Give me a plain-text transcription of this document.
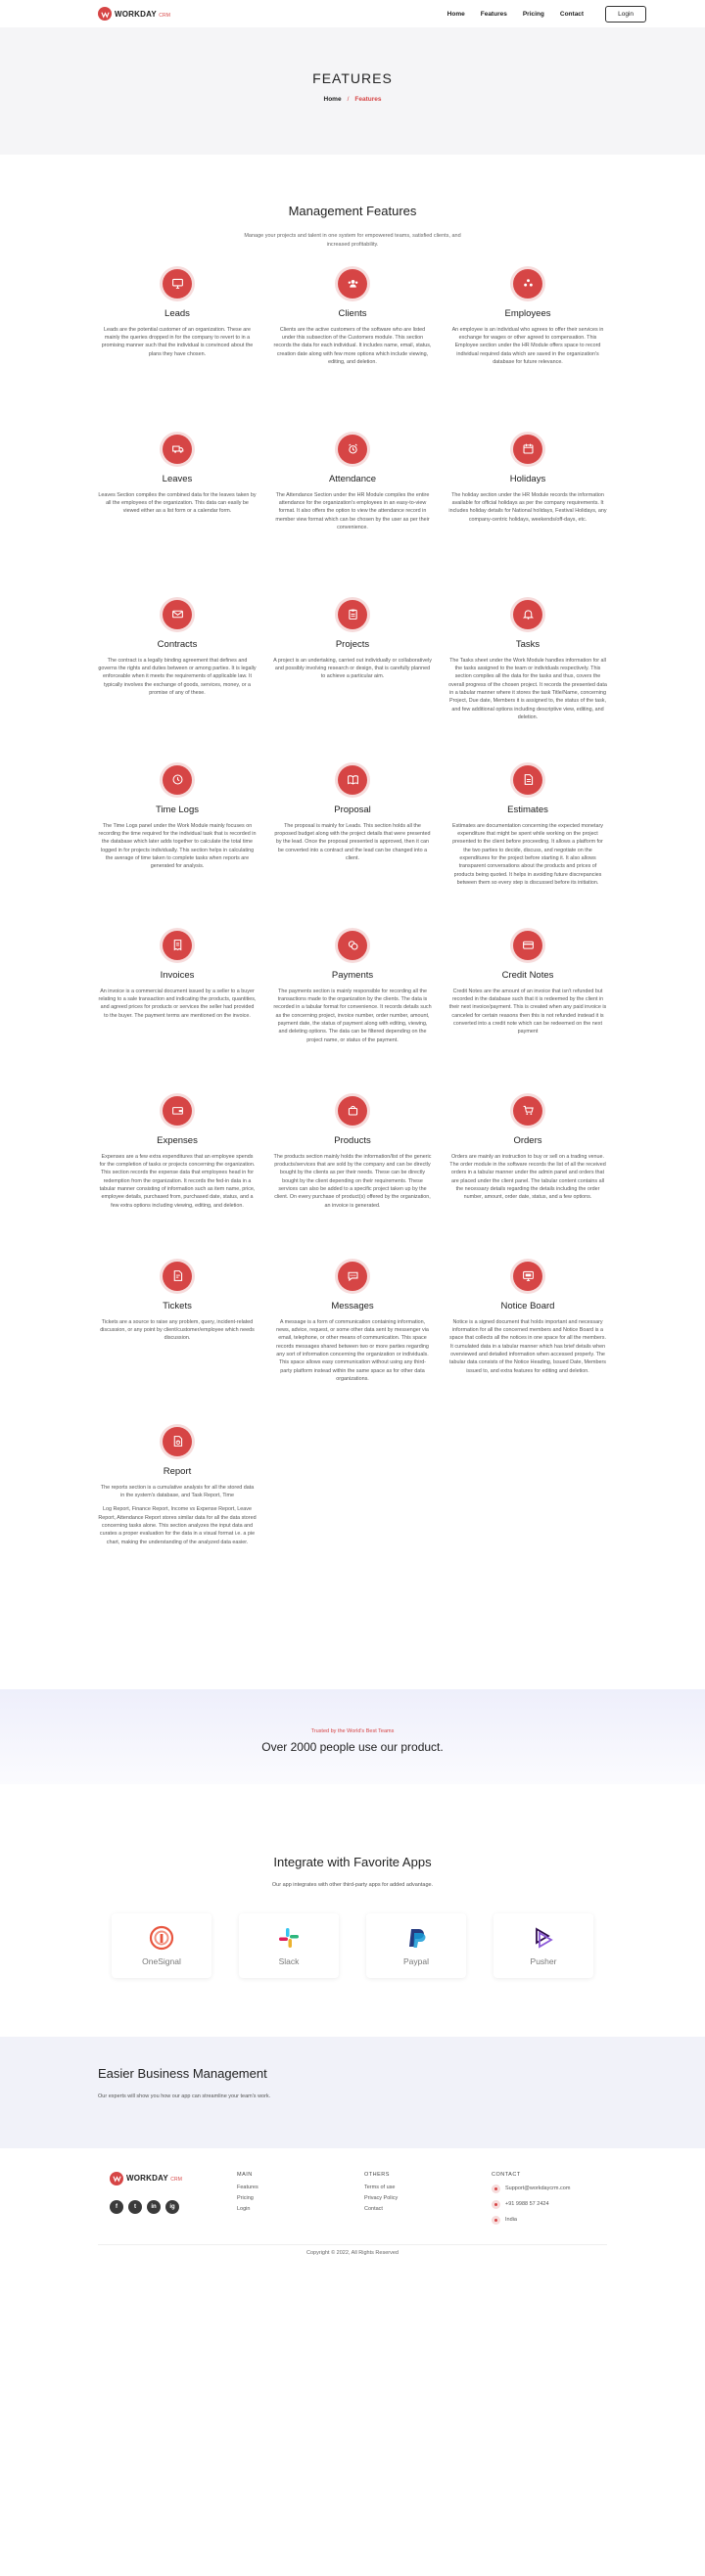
WORKDAY CRM	Home Features Pricing Contact	Login
FEATURES
Home / Features
Management Features

Manage your projects and talent in one system for empowered teams, satisfied clients, and increased profitability.

Leads

Leads are the potential customer of an organization. These are mainly the queries dropped in for the company to revert to in a promising manner such that the individual is convinced about the plans they have chosen.

Clients

Clients are the active customers of the software who are listed under this subsection of the Customers module. This section records the data for each individual. It includes name, email, status, creation date along with few more options which include viewing, editing, and deletion.

Employees

An employee is an individual who agrees to offer their services in exchange for wages or other agreed to compensation. This Employee section under the HR Module offers space to record individual required data which are saved in the organization's database for future relevance.

Leaves

Leaves Section compiles the combined data for the leaves taken by all the employees of the organization. This data can easily be viewed either as a list form or a calendar form.

Attendance

The Attendance Section under the HR Module compiles the entire attendance for the organization's employees in an easy-to-view format. It also offers the option to view the attendance record in member view format which can be chosen by the user as per their convenience.

Holidays

The holiday section under the HR Module records the information available for official holidays as per the company requirements. It includes holiday details for National holidays, Festival Holidays, any company-centric holidays, weekends/off-days, etc.

Contracts

The contract is a legally binding agreement that defines and governs the rights and duties between or among parties. It is legally enforceable when it meets the requirements of applicable law. It typically involves the exchange of goods, services, money, or a promise of any of these.

Projects

A project is an undertaking, carried out individually or collaboratively and possibly involving research or design, that is carefully planned to achieve a particular aim.

Tasks

The Tasks sheet under the Work Module handles information for all the tasks assigned to the team or individuals respectively. This section compiles all the data for the tasks and thus, covers the overall progress of the chosen project. It records the presented data in a tabular manner where it stores the task Title/Name, concerning Project, Due date, Members it is assigned to, the status of the task, and few additional options including descriptive view, editing, and deletion.

Time Logs

The Time Logs panel under the Work Module mainly focuses on recording the time required for the individual task that is recorded in the database which later adds together to calculate the total time logged in for projects individually. This section helps in calculating the average of time taken to complete tasks when reports are generated for analysis.

Proposal

The proposal is mainly for Leads. This section holds all the proposed budget along with the project details that were presented by the lead. Once the proposal presented is approved, then it can be converted into a contract and the lead can be changed into a client.

Estimates

Estimates are documentation concerning the expected monetary expenditure that might be spent while working on the project presented to the client before proceeding. It allows a platform for the two parties to decide, discuss, and negotiate on the expenditures for the project before starting it. It also allows transparent conversations about the products and prices of products being quoted. It helps in avoiding future discrepancies between them so every step is discussed before its initiation.

Invoices

An invoice is a commercial document issued by a seller to a buyer relating to a sale transaction and indicating the products, quantities, and agreed prices for products or services the seller had provided to the buyer. The payment terms are mentioned on the invoice.

Payments

The payments section is mainly responsible for recording all the transactions made to the organization by the clients. The data is recorded in a tabular format for convenience. It records details such as the concerning project, invoice number, order number, amount, payment date, the status of payment along with editing, viewing, and deleting options. The data can be filtered depending on the project name, or status of the payment.

Credit Notes

Credit Notes are the amount of an invoice that isn't refunded but recorded in the database such that it is redeemed by the client in their next invoice/payment. This is created when any paid invoice is canceled for certain reasons then this is not refunded instead it is converted into a credit note which can be redeemed on the next payment

Expenses

Expenses are a few extra expenditures that an employee spends for the completion of tasks or projects concerning the organization. This section records the expense data that employees head in for redemption from the organization. It records the fed-in data in a tabular manner consisting of information such as item name, price, employee details, purchased from, purchased date, status, and a few extra options including viewing, editing, and deletion.

Products

The products section mainly holds the information/list of the generic products/services that are sold by the company and can be directly bought by the clients as per their needs. These can be directly bought by the client depending on their requirements. These services can also be added to a specific project taken up by the client. On every purchase of product(s) offered by the organization, an invoice is generated.

Orders

Orders are mainly an instruction to buy or sell on a trading venue. The order module in the software records the list of all the received orders in a tabular manner under the admin panel and orders that are placed under the client panel. The tabular content contains all the necessary details regarding the details including the order number, amount, order date, status, and a few options.

Tickets

Tickets are a source to raise any problem, query, incident-related discussion, or any point by client/customer/employee which needs discussion.

Messages

A message is a form of communication containing information, news, advice, request, or some other data sent by messenger via email, telephone, or other means of communication. This space records messages shared between two or more parties regarding any sort of information concerning the organization or individuals. This space allows easy communication without using any third-party platform instead within the same space as for other data organizations.

Notice Board

Notice is a signed document that holds important and necessary information for all the concerned members and Notice Board is a space that collects all the notices in one space for all the members. It cumulated data in a tabular manner which has brief details when overviewed and detailed information when accessed properly. The tabular data consists of the Notice Heading, Issued Date, Members issued to, and extra features for editing and deletion.

Report

The reports section is a cumulative analysis for all the stored data in the system's database, and Task Report, Time

Log Report, Finance Report, Income vs Expense Report, Leave Report, Attendance Report stores similar data for all the data stored concerning tasks alone. This section analyzes the input data and curates a proper evaluation for the data in a visual format i.e. a pie chart, making the understanding of the analyzed data easier.

Trusted by the World's Best Teams
Over 2000 people use our product.
Integrate with Favorite Apps

Our app integrates with other third-party apps for added advantage.

OneSignal	Slack	Paypal	Pusher
Easier Business Management

Our experts will show you how our app can streamline your team's work.

WORKDAY CRM
f	t	in	ig
MAIN
Features
Pricing
Login
OTHERS
Terms of use
Privacy Policy
Contact
CONTACT
Support@workdaycrm.com
+91 9988 57 2424
India
Copyright © 2022, All Rights Reserved
